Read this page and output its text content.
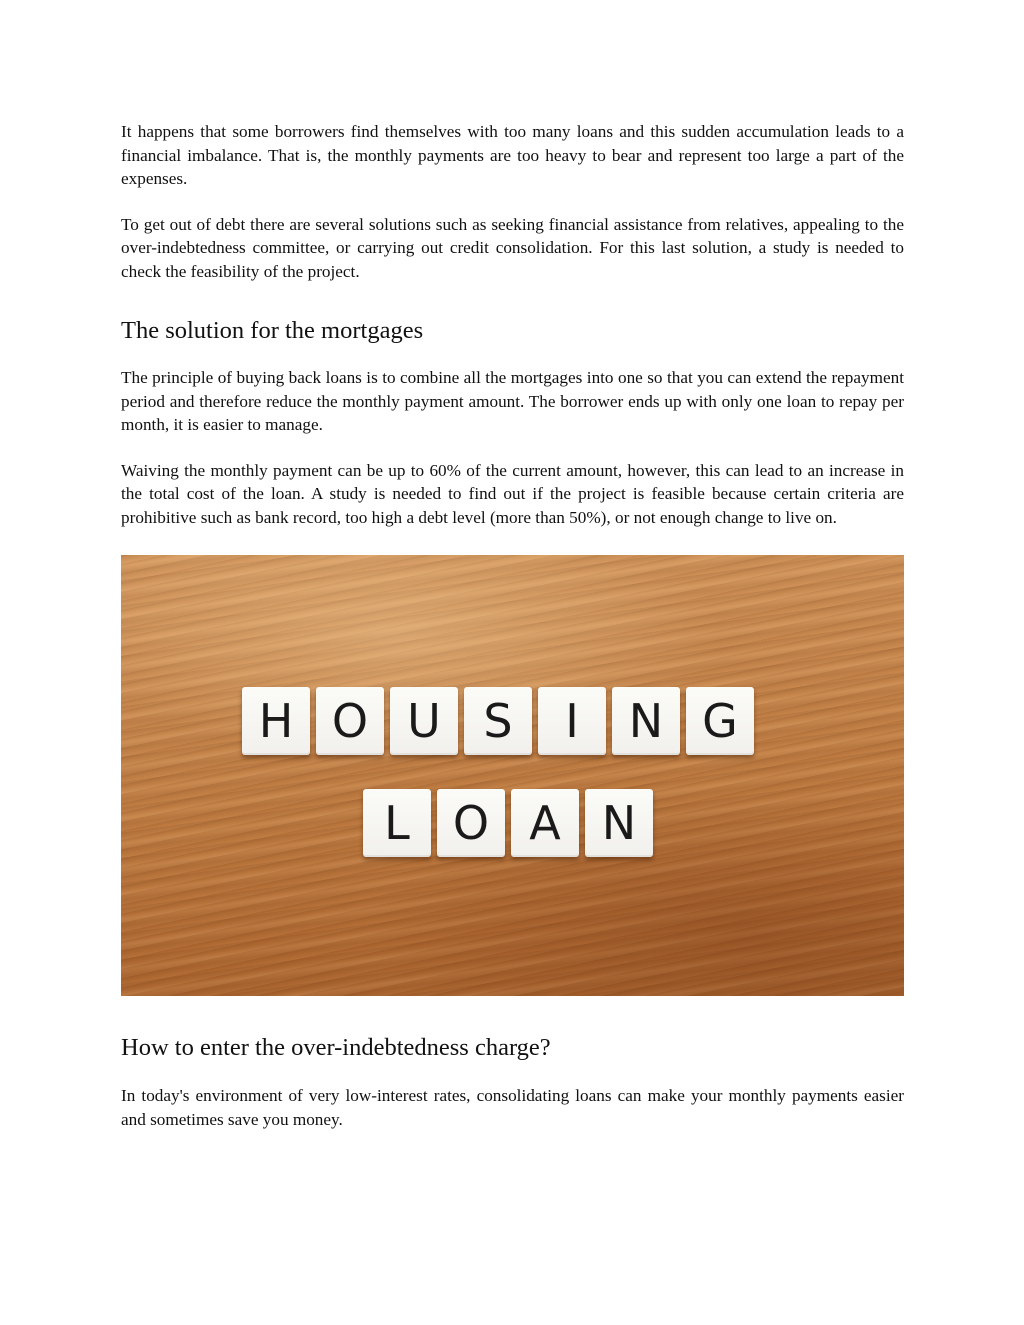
It happens that some borrowers find themselves with too many loans and this sudden accumulation leads to a financial imbalance. That is, the monthly payments are too heavy to bear and represent too large a part of the expenses.

To get out of debt there are several solutions such as seeking financial assistance from relatives, appealing to the over-indebtedness committee, or carrying out credit consolidation. For this last solution, a study is needed to check the feasibility of the project.

The solution for the mortgages

The principle of buying back loans is to combine all the mortgages into one so that you can extend the repayment period and therefore reduce the monthly payment amount. The borrower ends up with only one loan to repay per month, it is easier to manage.

Waiving the monthly payment can be up to 60% of the current amount, however, this can lead to an increase in the total cost of the loan. A study is needed to find out if the project is feasible because certain criteria are prohibitive such as bank record, too high a debt level (more than 50%), or not enough change to live on.

H O U S	I	N G
L O A N
How to enter the over-indebtedness charge?

In today's environment of very low-interest rates, consolidating loans can make your monthly payments easier and sometimes save you money.
